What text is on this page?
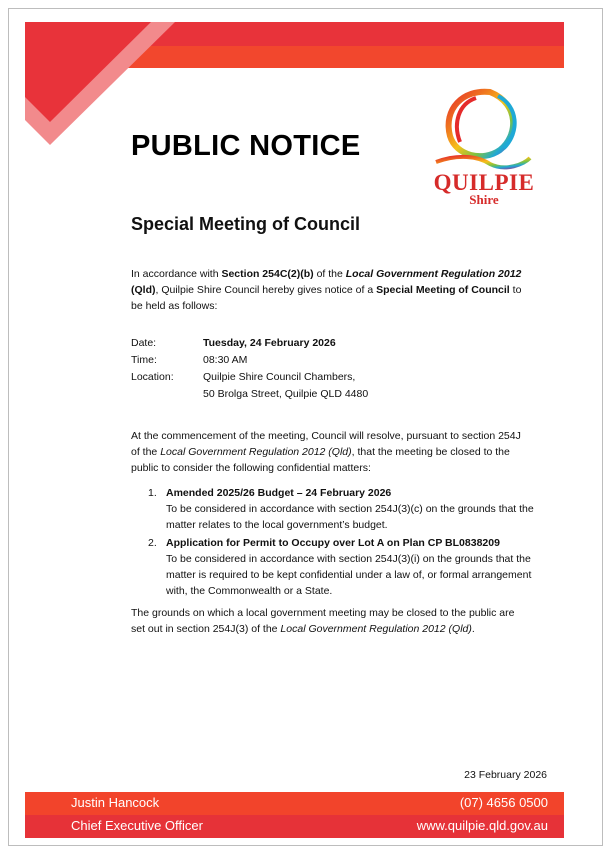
PUBLIC NOTICE
QUILPIE
Shire
Special Meeting of Council

In accordance with Section 254C(2)(b) of the Local Government Regulation 2012 (Qld), Quilpie Shire Council hereby gives notice of a Special Meeting of Council to be held as follows:

Date:	Tuesday, 24 February 2026
Time:	08:30 AM
Location:	Quilpie Shire Council Chambers,
50 Brolga Street, Quilpie QLD 4480

At the commencement of the meeting, Council will resolve, pursuant to section 254J of the Local Government Regulation 2012 (Qld), that the meeting be closed to the public to consider the following confidential matters:

1. Amended 2025/26 Budget – 24 February 2026
To be considered in accordance with section 254J(3)(c) on the grounds that the matter relates to the local government’s budget.
2. Application for Permit to Occupy over Lot A on Plan CP BL0838209
To be considered in accordance with section 254J(3)(i) on the grounds that the matter is required to be kept confidential under a law of, or formal arrangement with, the Commonwealth or a State.

The grounds on which a local government meeting may be closed to the public are set out in section 254J(3) of the Local Government Regulation 2012 (Qld).

23 February 2026
Justin Hancock	(07) 4656 0500
Chief Executive Officer	www.quilpie.qld.gov.au
